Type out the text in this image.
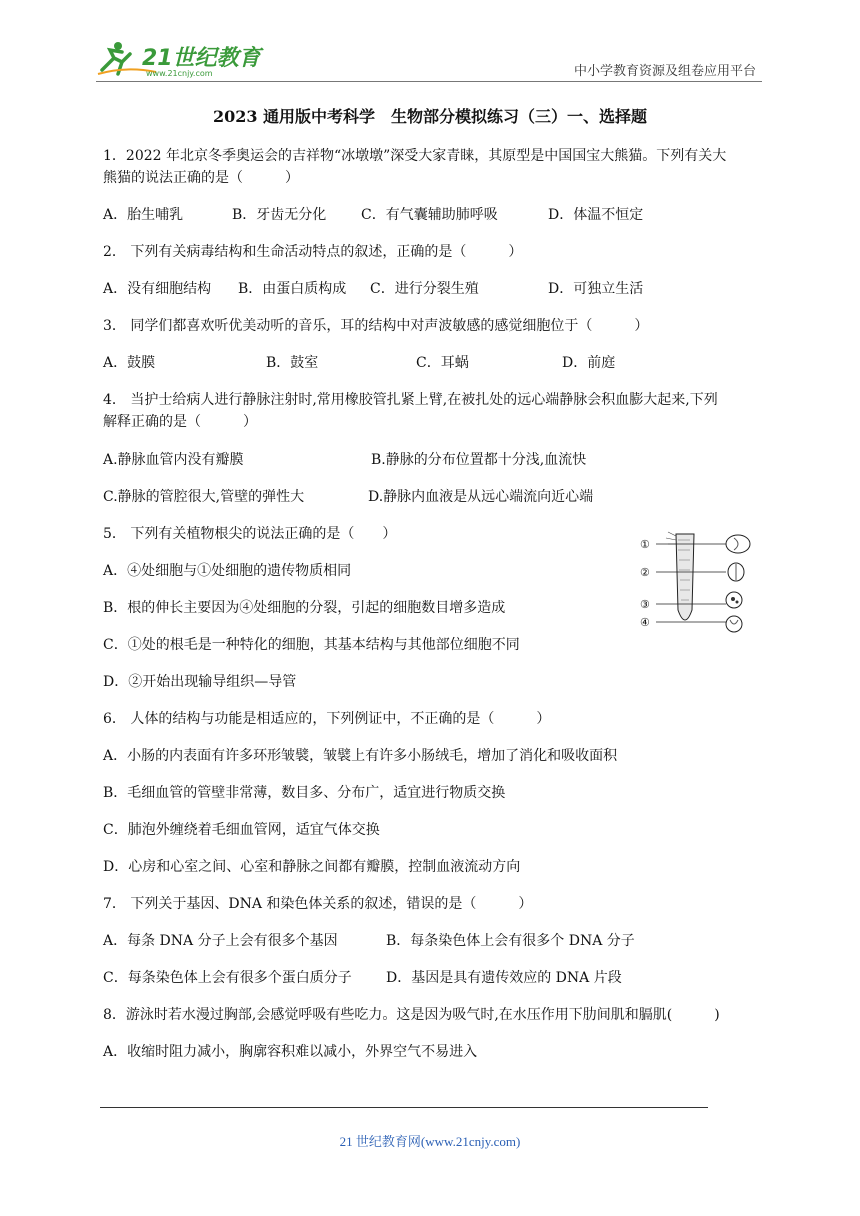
21世纪教育
www.21cnjy.com	中小学教育资源及组卷应用平台
2023 通用版中考科学　生物部分模拟练习（三）一、选择题
1．2022 年北京冬季奥运会的吉祥物“冰墩墩”深受大家青睐，其原型是中国国宝大熊猫。下列有关大
熊猫的说法正确的是（　　　）
A．胎生哺乳	B．牙齿无分化 C．有气囊辅助肺呼吸	D．体温不恒定
2． 下列有关病毒结构和生命活动特点的叙述，正确的是（　　　）
A．没有细胞结构 B．由蛋白质构成 C．进行分裂生殖	D．可独立生活
3． 同学们都喜欢听优美动听的音乐，耳的结构中对声波敏感的感觉细胞位于（　　　）
A．鼓膜	B．鼓室	C．耳蜗	D．前庭
4． 当护士给病人进行静脉注射时,常用橡胶管扎紧上臂,在被扎处的远心端静脉会积血膨大起来,下列
解释正确的是（　　　）
A.静脉血管内没有瓣膜	B.静脉的分布位置都十分浅,血流快
C.静脉的管腔很大,管壁的弹性大	D.静脉内血液是从远心端流向近心端
5． 下列有关植物根尖的说法正确的是（　　）
A．④处细胞与①处细胞的遗传物质相同
B．根的伸长主要因为④处细胞的分裂，引起的细胞数目增多造成
C．①处的根毛是一种特化的细胞，其基本结构与其他部位细胞不同
D．②开始出现输导组织—导管
①
②
③
④
6． 人体的结构与功能是相适应的，下列例证中，不正确的是（　　　）
A．小肠的内表面有许多环形皱襞，皱襞上有许多小肠绒毛，增加了消化和吸收面积
B．毛细血管的管壁非常薄，数目多、分布广，适宜进行物质交换
C．肺泡外缠绕着毛细血管网，适宜气体交换
D．心房和心室之间、心室和静脉之间都有瓣膜，控制血液流动方向
7． 下列关于基因、DNA 和染色体关系的叙述，错误的是（　　　）
A．每条 DNA 分子上会有很多个基因	B．每条染色体上会有很多个 DNA 分子
C．每条染色体上会有很多个蛋白质分子 D．基因是具有遗传效应的 DNA 片段
8．游泳时若水漫过胸部,会感觉呼吸有些吃力。这是因为吸气时,在水压作用下肋间肌和膈肌(　　　)
A．收缩时阻力减小，胸廓容积难以减小，外界空气不易进入
21 世纪教育网(www.21cnjy.com)
